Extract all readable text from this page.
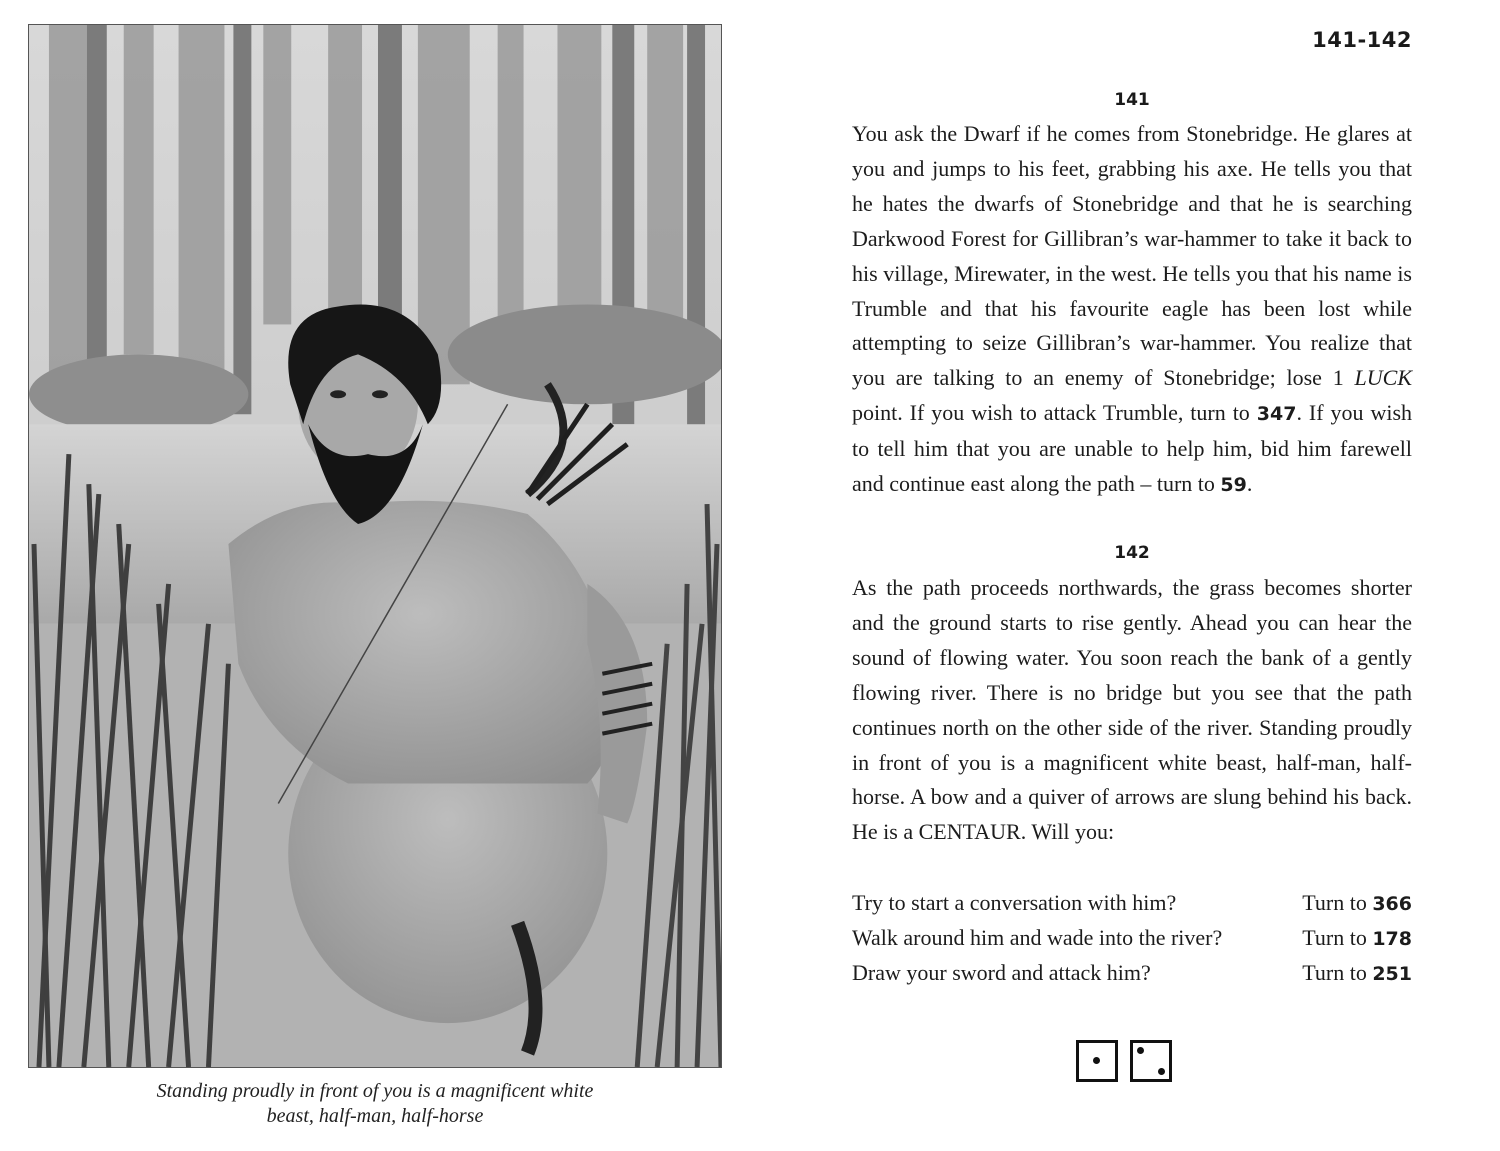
Standing proudly in front of you is a magnificent white
beast, half-man, half-horse
141-142
141
You ask the Dwarf if he comes from Stonebridge. He glares at you and jumps to his feet, grabbing his axe. He tells you that he hates the dwarfs of Stonebridge and that he is searching Darkwood Forest for Gillibran’s war-hammer to take it back to his village, Mirewater, in the west. He tells you that his name is Trumble and that his favourite eagle has been lost while attempting to seize Gillibran’s war-hammer. You realize that you are talking to an enemy of Stonebridge; lose 1 LUCK point. If you wish to attack Trumble, turn to 347. If you wish to tell him that you are unable to help him, bid him farewell and continue east along the path – turn to 59.
142
As the path proceeds northwards, the grass becomes shorter and the ground starts to rise gently. Ahead you can hear the sound of flowing water. You soon reach the bank of a gently flowing river. There is no bridge but you see that the path continues north on the other side of the river. Standing proudly in front of you is a magnificent white beast, half-man, half-horse. A bow and a quiver of arrows are slung behind his back. He is a CENTAUR. Will you:
Try to start a conversation with him?	Turn to 366
Walk around him and wade into the river?	Turn to 178
Draw your sword and attack him?	Turn to 251
